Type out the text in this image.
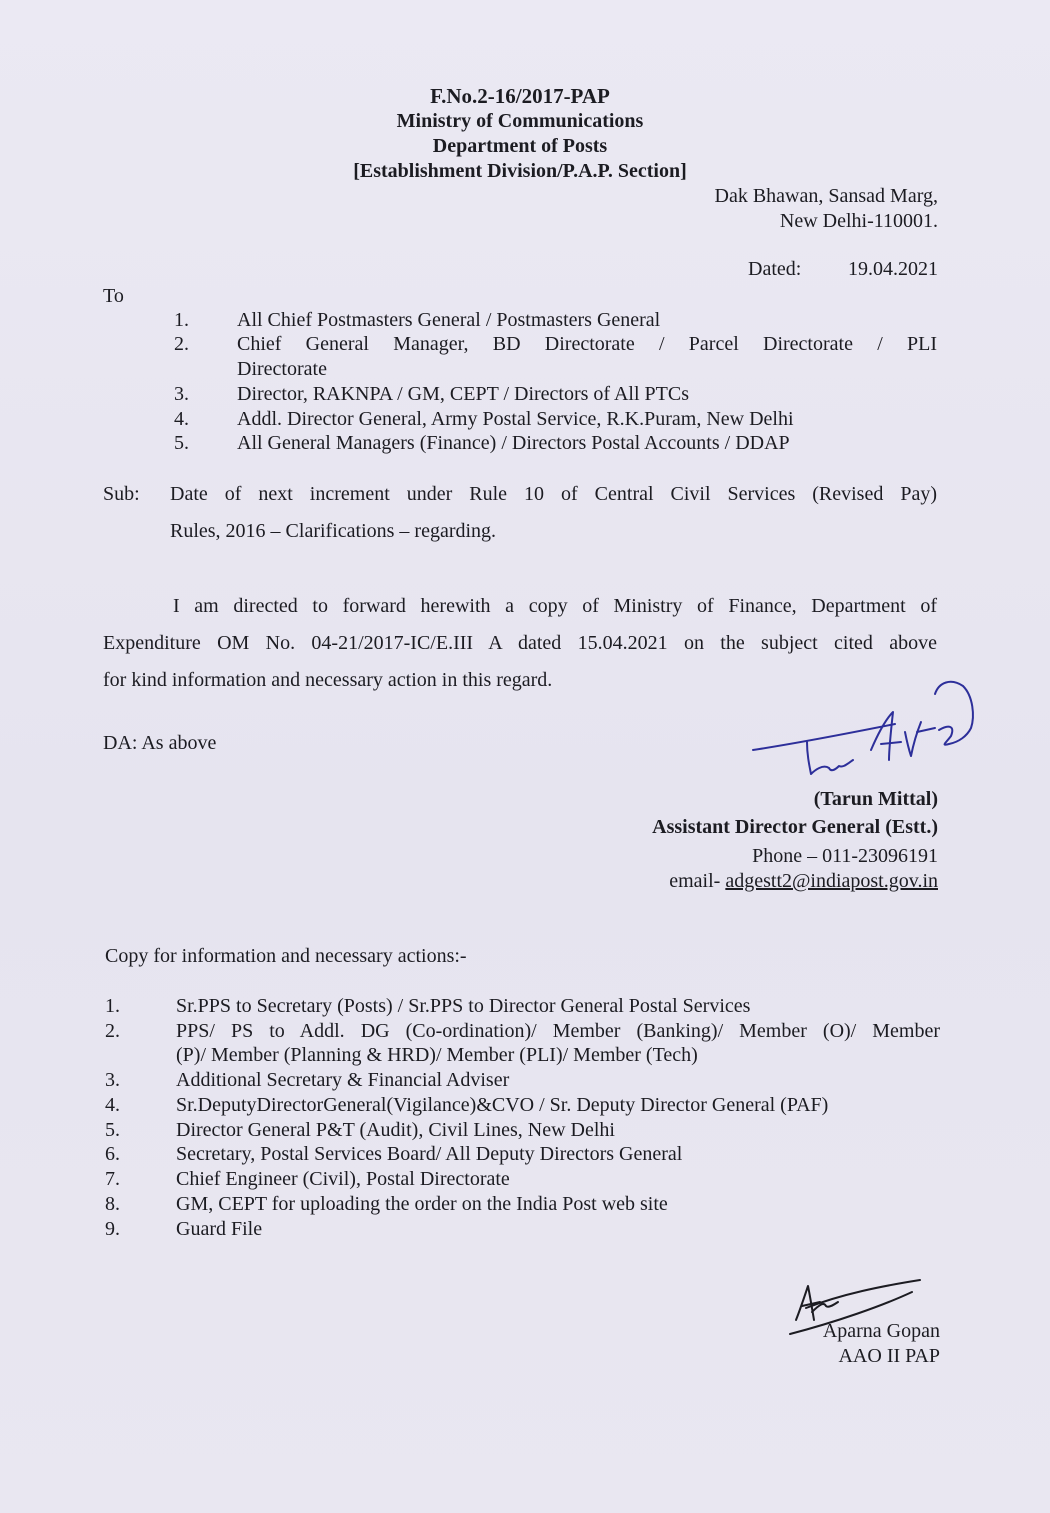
F.No.2-16/2017-PAP
Ministry of Communications
Department of Posts
[Establishment Division/P.A.P. Section]
Dak Bhawan, Sansad Marg,
New Delhi-110001.
Dated: 19.04.2021
To
1. All Chief Postmasters General / Postmasters General
2. Chief General Manager, BD Directorate / Parcel Directorate / PLI
Directorate
3. Director, RAKNPA / GM, CEPT / Directors of All PTCs
4. Addl. Director General, Army Postal Service, R.K.Puram, New Delhi
5. All General Managers (Finance) / Directors Postal Accounts / DDAP
Sub: Date of next increment under Rule 10 of Central Civil Services (Revised Pay)
Rules, 2016 – Clarifications – regarding.
I am directed to forward herewith a copy of Ministry of Finance, Department of
Expenditure OM No. 04-21/2017-IC/E.III A dated 15.04.2021 on the subject cited above
for kind information and necessary action in this regard.
DA: As above
(Tarun Mittal)
Assistant Director General (Estt.)
Phone – 011-23096191
email- adgestt2@indiapost.gov.in
Copy for information and necessary actions:-
1.	Sr.PPS to Secretary (Posts) / Sr.PPS to Director General Postal Services
2.	PPS/ PS to Addl. DG (Co-ordination)/ Member (Banking)/ Member (O)/ Member
(P)/ Member (Planning & HRD)/ Member (PLI)/ Member (Tech)
3.	Additional Secretary & Financial Adviser
4.	Sr.DeputyDirectorGeneral(Vigilance)&CVO / Sr. Deputy Director General (PAF)
5.	Director General P&T (Audit), Civil Lines, New Delhi
6.	Secretary, Postal Services Board/ All Deputy Directors General
7.	Chief Engineer (Civil), Postal Directorate
8.	GM, CEPT for uploading the order on the India Post web site
9.	Guard File
Aparna Gopan
AAO II PAP
